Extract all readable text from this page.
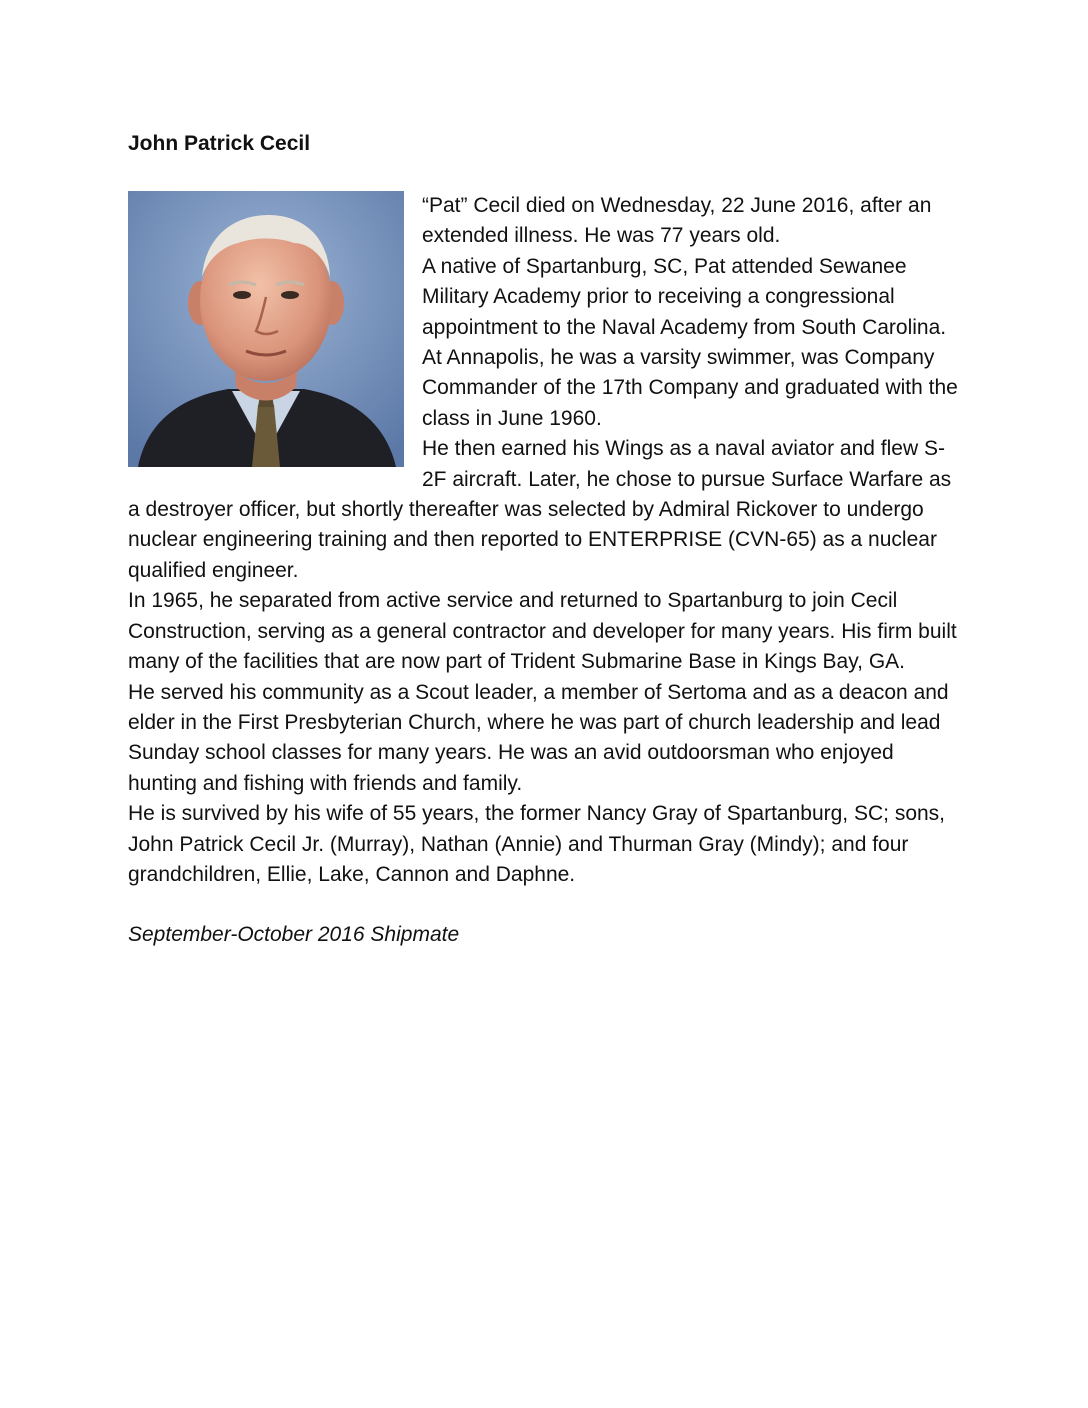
John Patrick Cecil

“Pat” Cecil died on Wednesday, 22 June 2016, after an extended illness. He was 77 years old.

A native of Spartanburg, SC, Pat attended Sewanee Military Academy prior to receiving a congressional appointment to the Naval Academy from South Carolina. At Annapolis, he was a varsity swimmer, was Company Commander of the 17th Company and graduated with the class in June 1960.

He then earned his Wings as a naval aviator and flew S-2F aircraft. Later, he chose to pursue Surface Warfare as a destroyer officer, but shortly thereafter was selected by Admiral Rickover to undergo nuclear engineering training and then reported to ENTERPRISE (CVN-65) as a nuclear qualified engineer.

In 1965, he separated from active service and returned to Spartanburg to join Cecil Construction, serving as a general contractor and developer for many years. His firm built many of the facilities that are now part of Trident Submarine Base in Kings Bay, GA.

He served his community as a Scout leader, a member of Sertoma and as a deacon and elder in the First Presbyterian Church, where he was part of church leadership and lead Sunday school classes for many years. He was an avid outdoorsman who enjoyed hunting and fishing with friends and family.

He is survived by his wife of 55 years, the former Nancy Gray of Spartanburg, SC; sons, John Patrick Cecil Jr. (Murray), Nathan (Annie) and Thurman Gray (Mindy); and four grandchildren, Ellie, Lake, Cannon and Daphne.

September-October 2016 Shipmate
